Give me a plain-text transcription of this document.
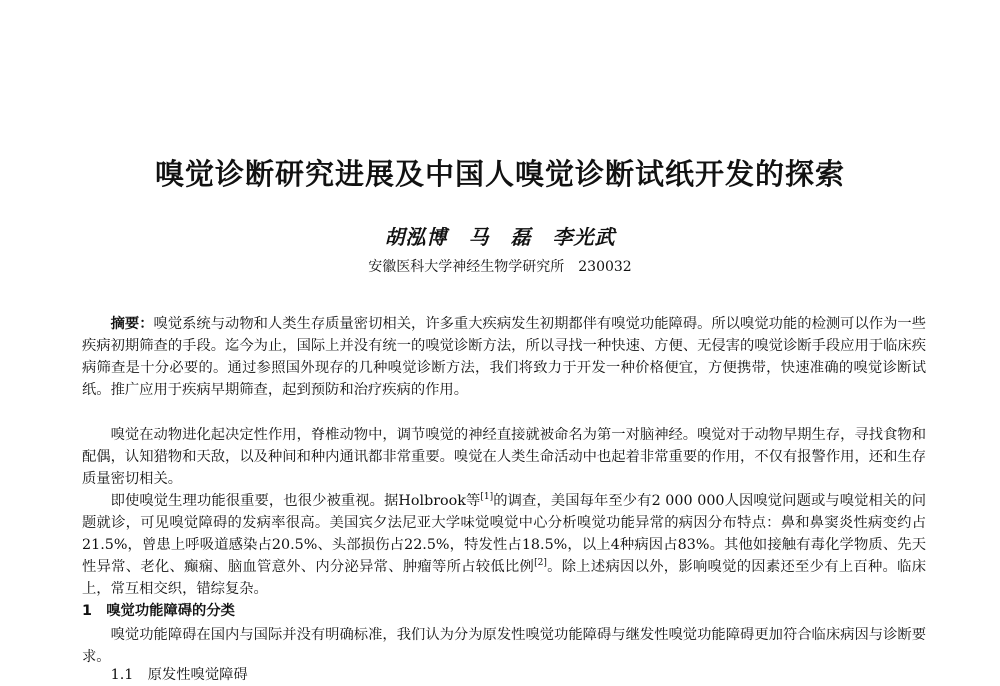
嗅觉诊断研究进展及中国人嗅觉诊断试纸开发的探索
胡泓博　马　磊　李光武
安徽医科大学神经生物学研究所　230032

摘要：嗅觉系统与动物和人类生存质量密切相关，许多重大疾病发生初期都伴有嗅觉功能障碍。所以嗅觉功能的检测可以作为一些疾病初期筛查的手段。迄今为止，国际上并没有统一的嗅觉诊断方法，所以寻找一种快速、方便、无侵害的嗅觉诊断手段应用于临床疾病筛查是十分必要的。通过参照国外现存的几种嗅觉诊断方法，我们将致力于开发一种价格便宜，方便携带，快速准确的嗅觉诊断试纸。推广应用于疾病早期筛查，起到预防和治疗疾病的作用。

嗅觉在动物进化起决定性作用，脊椎动物中，调节嗅觉的神经直接就被命名为第一对脑神经。嗅觉对于动物早期生存，寻找食物和配偶，认知猎物和天敌，以及种间和种内通讯都非常重要。嗅觉在人类生命活动中也起着非常重要的作用，不仅有报警作用，还和生存质量密切相关。

即使嗅觉生理功能很重要，也很少被重视。据Holbrook等[1]的调查，美国每年至少有2 000 000人因嗅觉问题或与嗅觉相关的问题就诊，可见嗅觉障碍的发病率很高。美国宾夕法尼亚大学味觉嗅觉中心分析嗅觉功能异常的病因分布特点：鼻和鼻窦炎性病变约占21.5%，曾患上呼吸道感染占20.5%、头部损伤占22.5%，特发性占18.5%，以上4种病因占83%。其他如接触有毒化学物质、先天性异常、老化、癫痫、脑血管意外、内分泌异常、肿瘤等所占较低比例[2]。除上述病因以外，影响嗅觉的因素还至少有上百种。临床上，常互相交织，错综复杂。

1　嗅觉功能障碍的分类

嗅觉功能障碍在国内与国际并没有明确标准，我们认为分为原发性嗅觉功能障碍与继发性嗅觉功能障碍更加符合临床病因与诊断要求。

1.1　原发性嗅觉障碍
